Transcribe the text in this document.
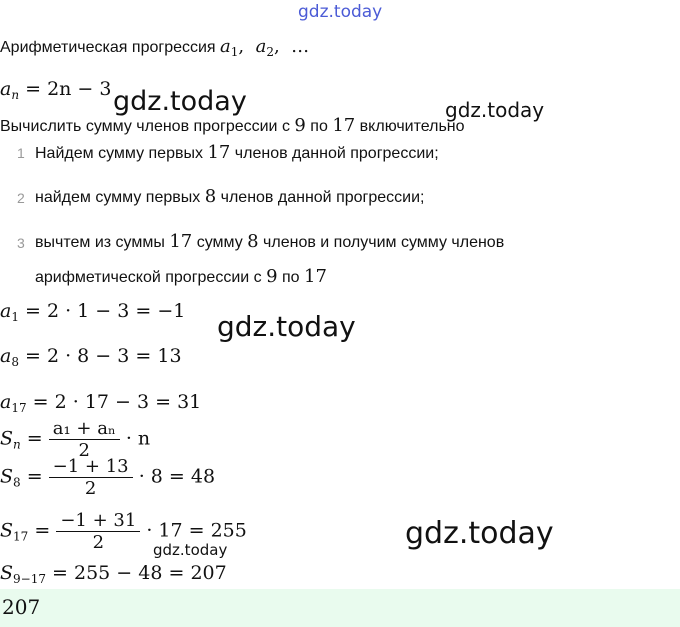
gdz.today
gdz.today	gdz.today
gdz.today
gdz.today
gdz.today
Арифметическая прогрессия $a_1$,  $a_2$,  …
$a_n = 2n - 3$
Вычислить сумму членов прогрессии с 9 по 17 включительно
1 Найдем сумму первых 17 членов данной прогрессии;
2 найдем сумму первых 8 членов данной прогрессии;
3 вычтем из суммы 17 сумму 8 членов и получим сумму членов
арифметической прогрессии с 9 по 17
$a_1 = 2 \cdot 1 - 3 = -1$
$a_8 = 2 \cdot 8 - 3 = 13$
$a_{17} = 2 \cdot 17 - 3 = 31$
$S_n = \frac{\text{a₁ + aₙ}}{2} \cdot n$
$S_8 = \frac{-1 + 13}{2} \cdot 8 = 48$
$S_{17} = \frac{-1 + 31}{2} \cdot 17 = 255$
$S_{9-17} = 255 - 48 = 207$
207
